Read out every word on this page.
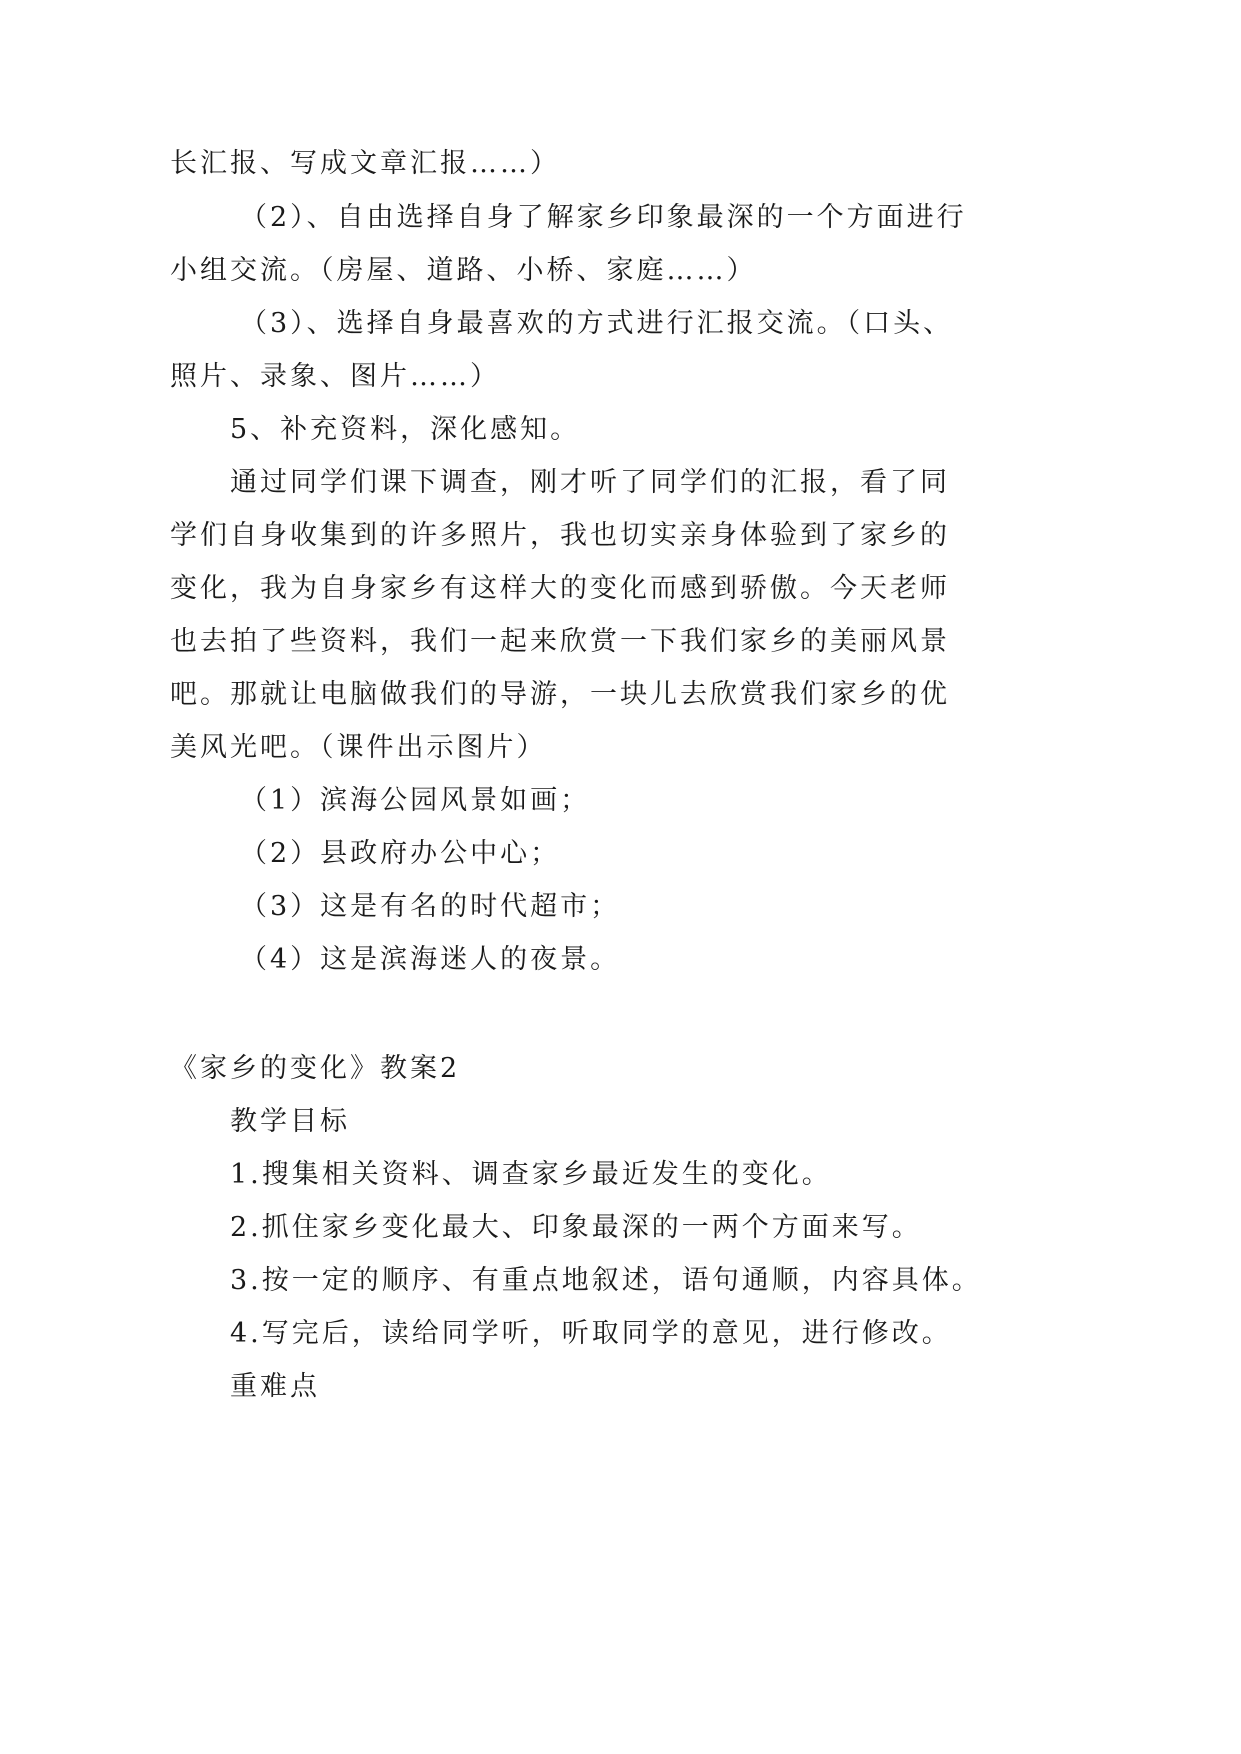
长汇报、写成文章汇报……）
（2）、自由选择自身了解家乡印象最深的一个方面进行
小组交流。（房屋、道路、小桥、家庭……）
（3）、选择自身最喜欢的方式进行汇报交流。（口头、
照片、录象、图片……）
5、补充资料，深化感知。
通过同学们课下调查，刚才听了同学们的汇报，看了同
学们自身收集到的许多照片，我也切实亲身体验到了家乡的
变化，我为自身家乡有这样大的变化而感到骄傲。今天老师
也去拍了些资料，我们一起来欣赏一下我们家乡的美丽风景
吧。那就让电脑做我们的导游，一块儿去欣赏我们家乡的优
美风光吧。（课件出示图片）
（1）滨海公园风景如画；
（2）县政府办公中心；
（3）这是有名的时代超市；
（4）这是滨海迷人的夜景。
《家乡的变化》教案2
教学目标
1.搜集相关资料、调查家乡最近发生的变化。
2.抓住家乡变化最大、印象最深的一两个方面来写。
3.按一定的顺序、有重点地叙述，语句通顺，内容具体。
4.写完后，读给同学听，听取同学的意见，进行修改。
重难点
